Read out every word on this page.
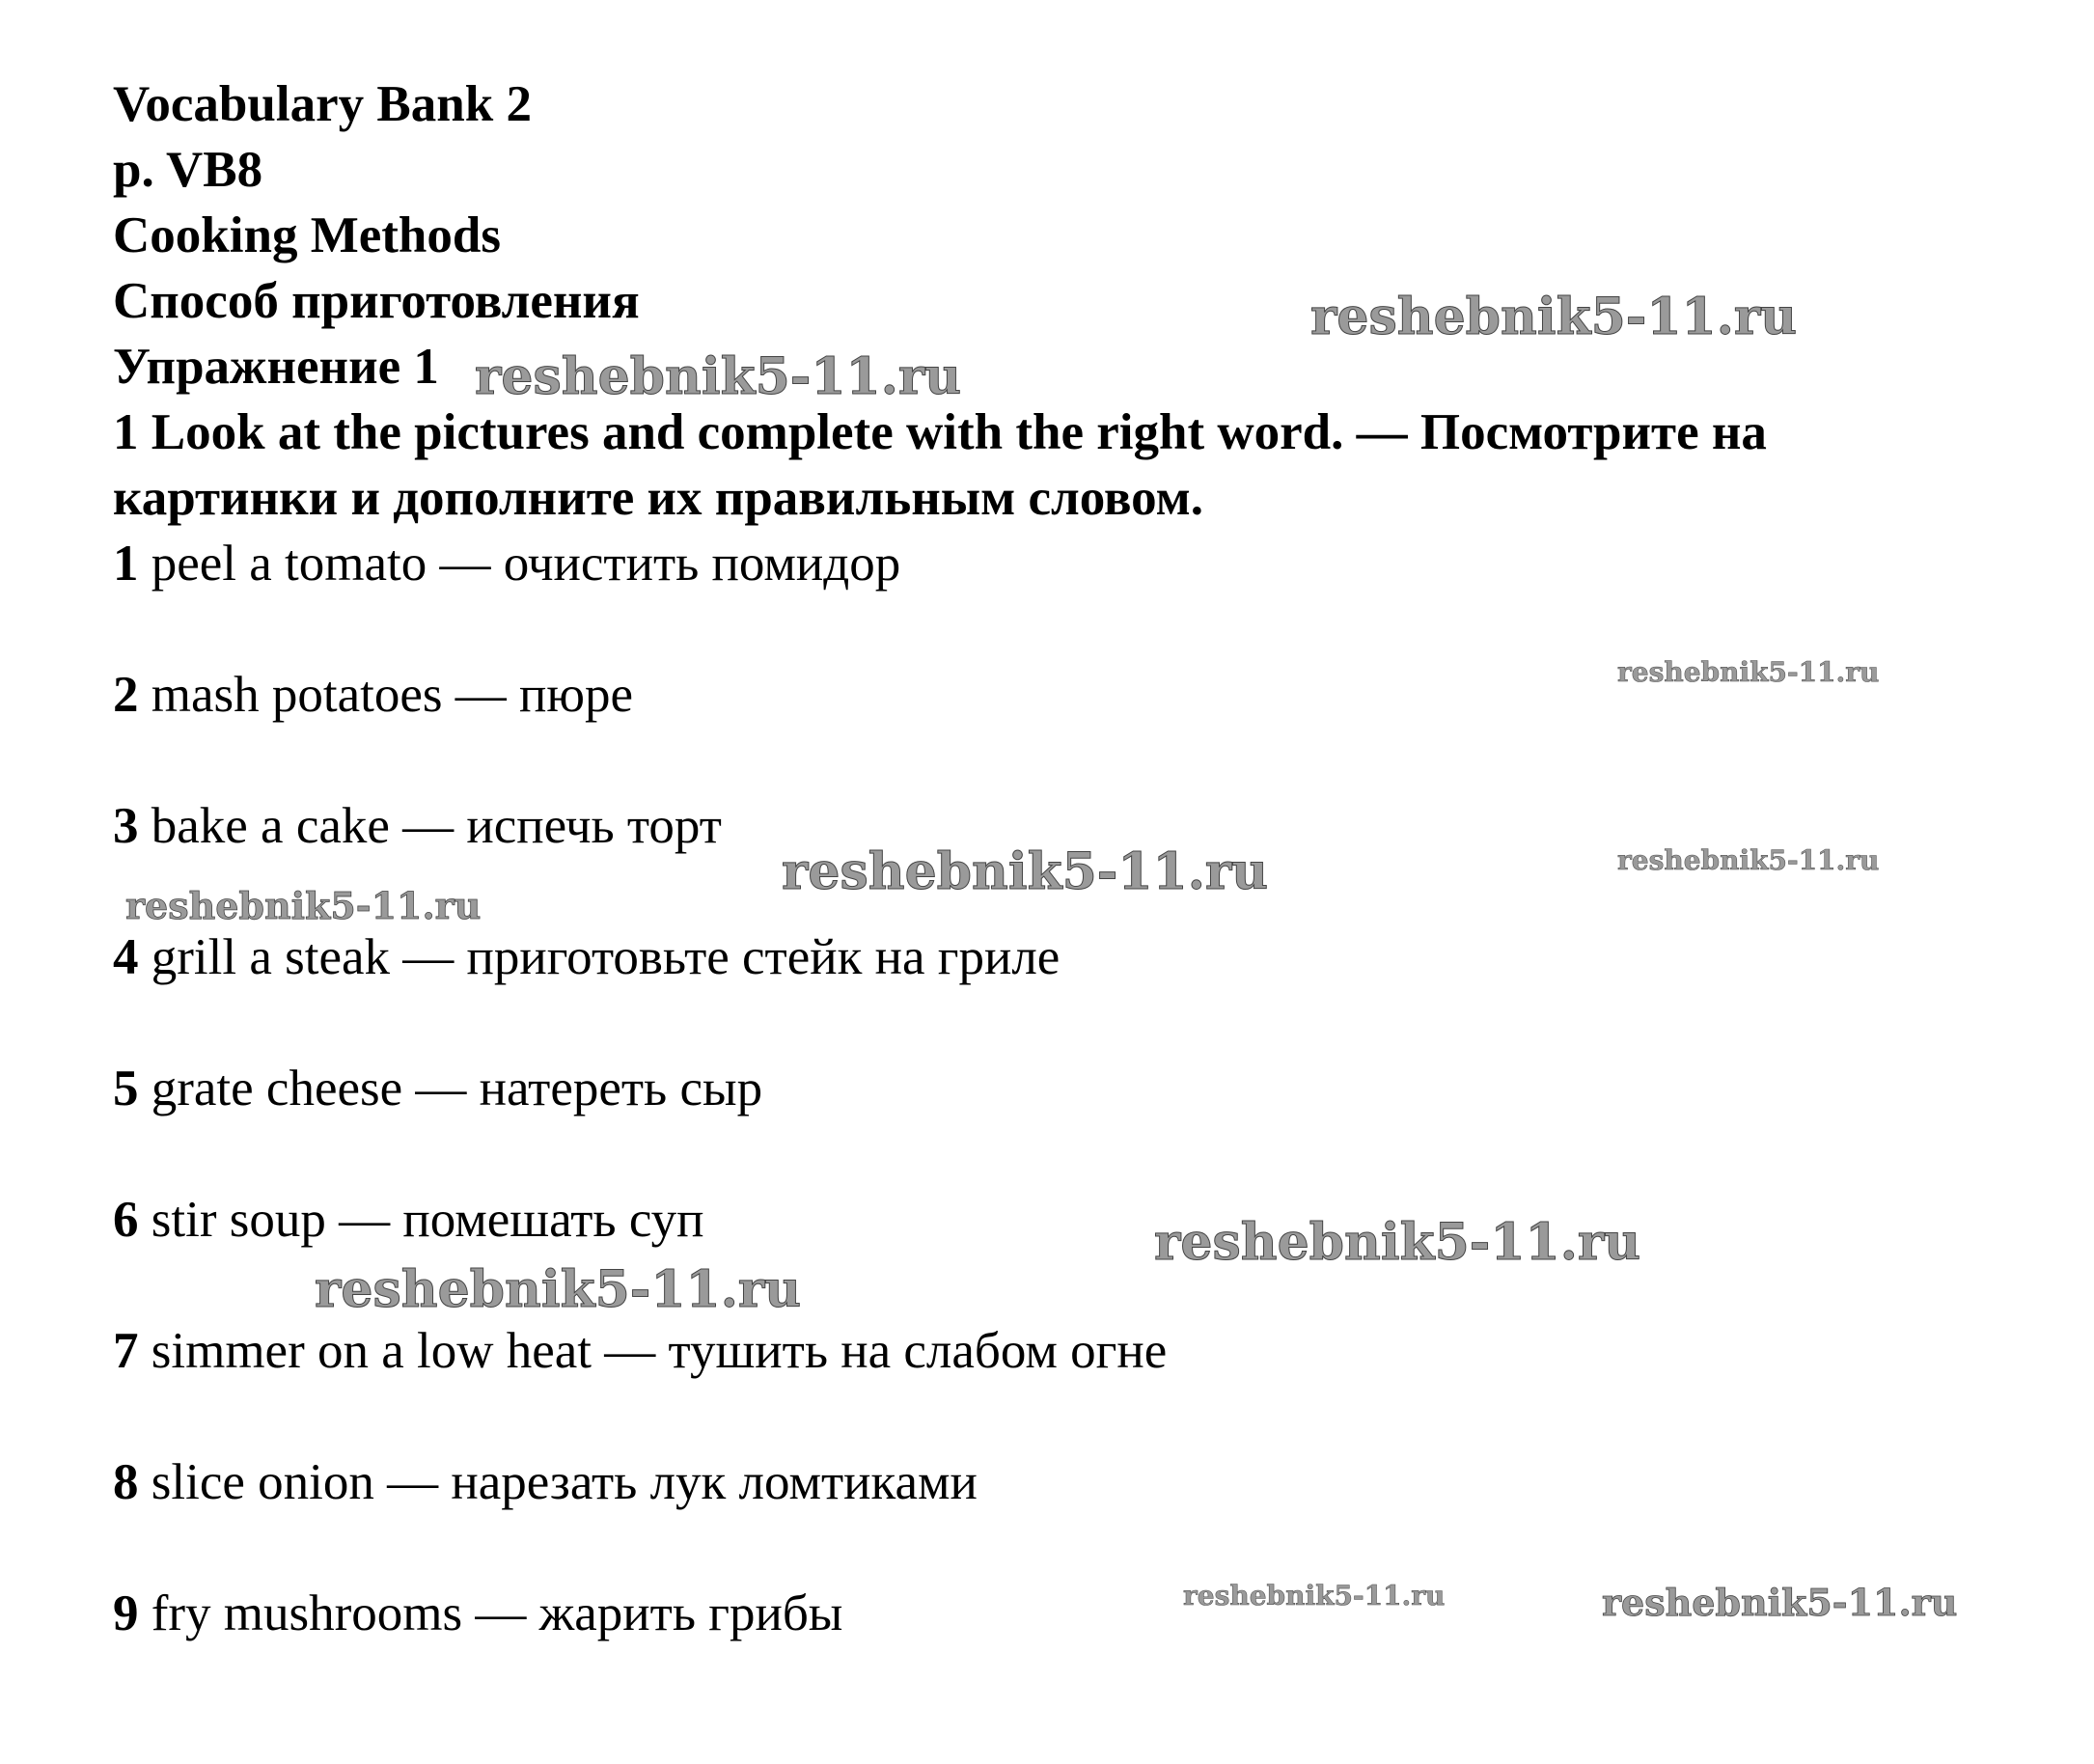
Vocabulary Bank 2
p. VB8
Cooking Methods
Способ приготовления
Упражнение 1
1 Look at the pictures and complete with the right word. — Посмотрите на картинки и дополните их правильным словом.
1 peel a tomato — очистить помидор
2 mash potatoes — пюре
3 bake a cake — испечь торт
4 grill a steak — приготовьте стейк на гриле
5 grate cheese — натереть сыр
6 stir soup — помешать суп
7 simmer on a low heat — тушить на слабом огне
8 slice onion — нарезать лук ломтиками
9 fry mushrooms — жарить грибы
reshebnik5-11.ru
reshebnik5-11.ru
reshebnik5-11.ru
reshebnik5-11.ru	reshebnik5-11.ru
reshebnik5-11.ru
reshebnik5-11.ru
reshebnik5-11.ru
reshebnik5-11.ru	reshebnik5-11.ru
